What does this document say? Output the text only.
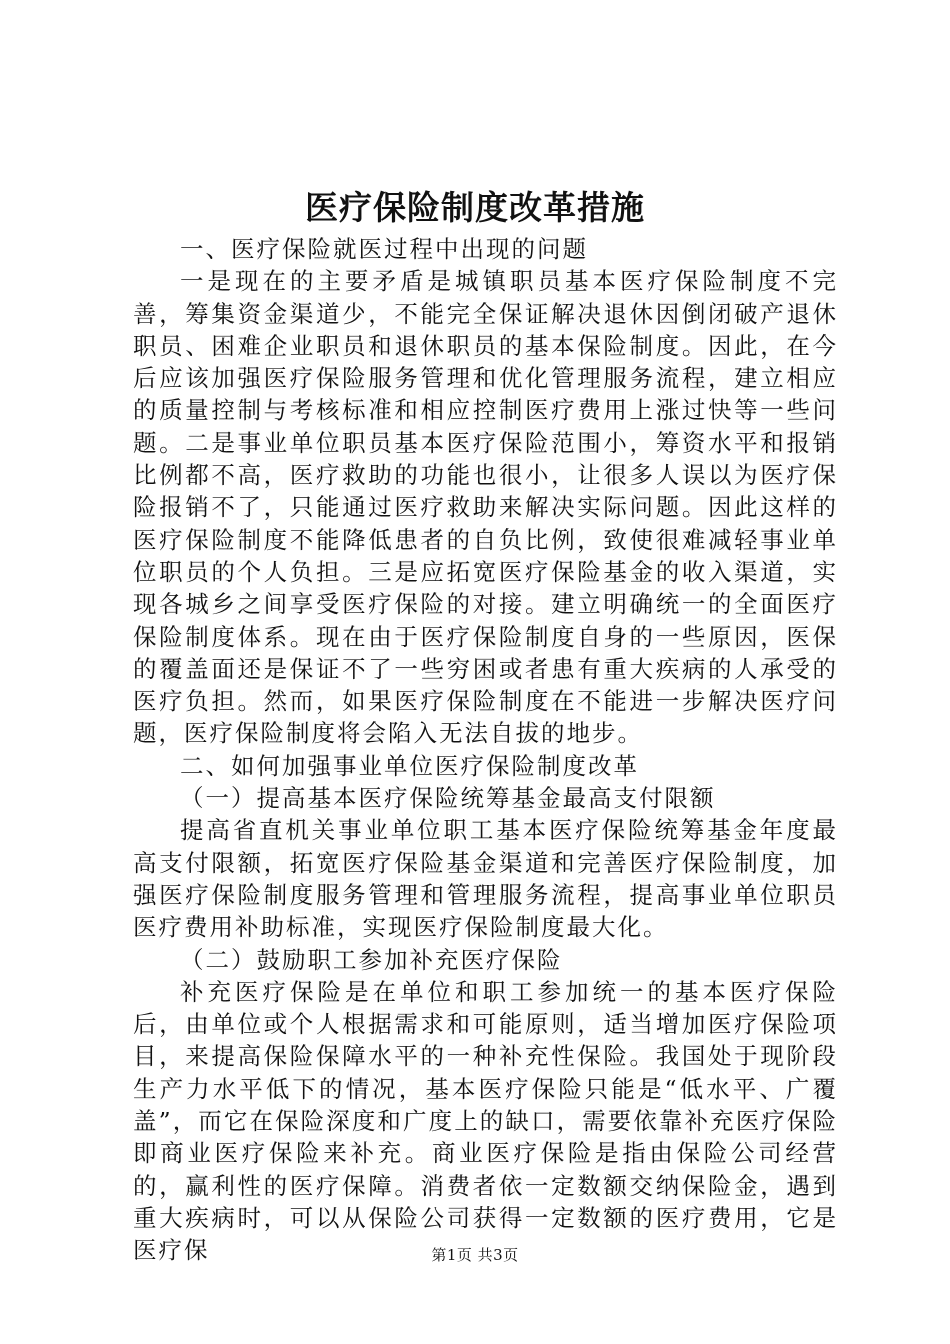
医疗保险制度改革措施

一、医疗保险就医过程中出现的问题

一是现在的主要矛盾是城镇职员基本医疗保险制度不完善，筹集资金渠道少，不能完全保证解决退休因倒闭破产退休职员、困难企业职员和退休职员的基本保险制度。因此，在今后应该加强医疗保险服务管理和优化管理服务流程，建立相应的质量控制与考核标准和相应控制医疗费用上涨过快等一些问题。二是事业单位职员基本医疗保险范围小，筹资水平和报销比例都不高，医疗救助的功能也很小，让很多人误以为医疗保险报销不了，只能通过医疗救助来解决实际问题。因此这样的医疗保险制度不能降低患者的自负比例，致使很难减轻事业单位职员的个人负担。三是应拓宽医疗保险基金的收入渠道，实现各城乡之间享受医疗保险的对接。建立明确统一的全面医疗保险制度体系。现在由于医疗保险制度自身的一些原因，医保的覆盖面还是保证不了一些穷困或者患有重大疾病的人承受的医疗负担。然而，如果医疗保险制度在不能进一步解决医疗问题，医疗保险制度将会陷入无法自拔的地步。

二、如何加强事业单位医疗保险制度改革

（一）提高基本医疗保险统筹基金最高支付限额

提高省直机关事业单位职工基本医疗保险统筹基金年度最高支付限额，拓宽医疗保险基金渠道和完善医疗保险制度，加强医疗保险制度服务管理和管理服务流程，提高事业单位职员医疗费用补助标准，实现医疗保险制度最大化。

（二）鼓励职工参加补充医疗保险

补充医疗保险是在单位和职工参加统一的基本医疗保险后，由单位或个人根据需求和可能原则，适当增加医疗保险项目，来提高保险保障水平的一种补充性保险。我国处于现阶段生产力水平低下的情况，基本医疗保险只能是“低水平、广覆盖”，而它在保险深度和广度上的缺口，需要依靠补充医疗保险即商业医疗保险来补充。商业医疗保险是指由保险公司经营的，赢利性的医疗保障。消费者依一定数额交纳保险金，遇到重大疾病时，可以从保险公司获得一定数额的医疗费用，它是医疗保	第1页 共3页
